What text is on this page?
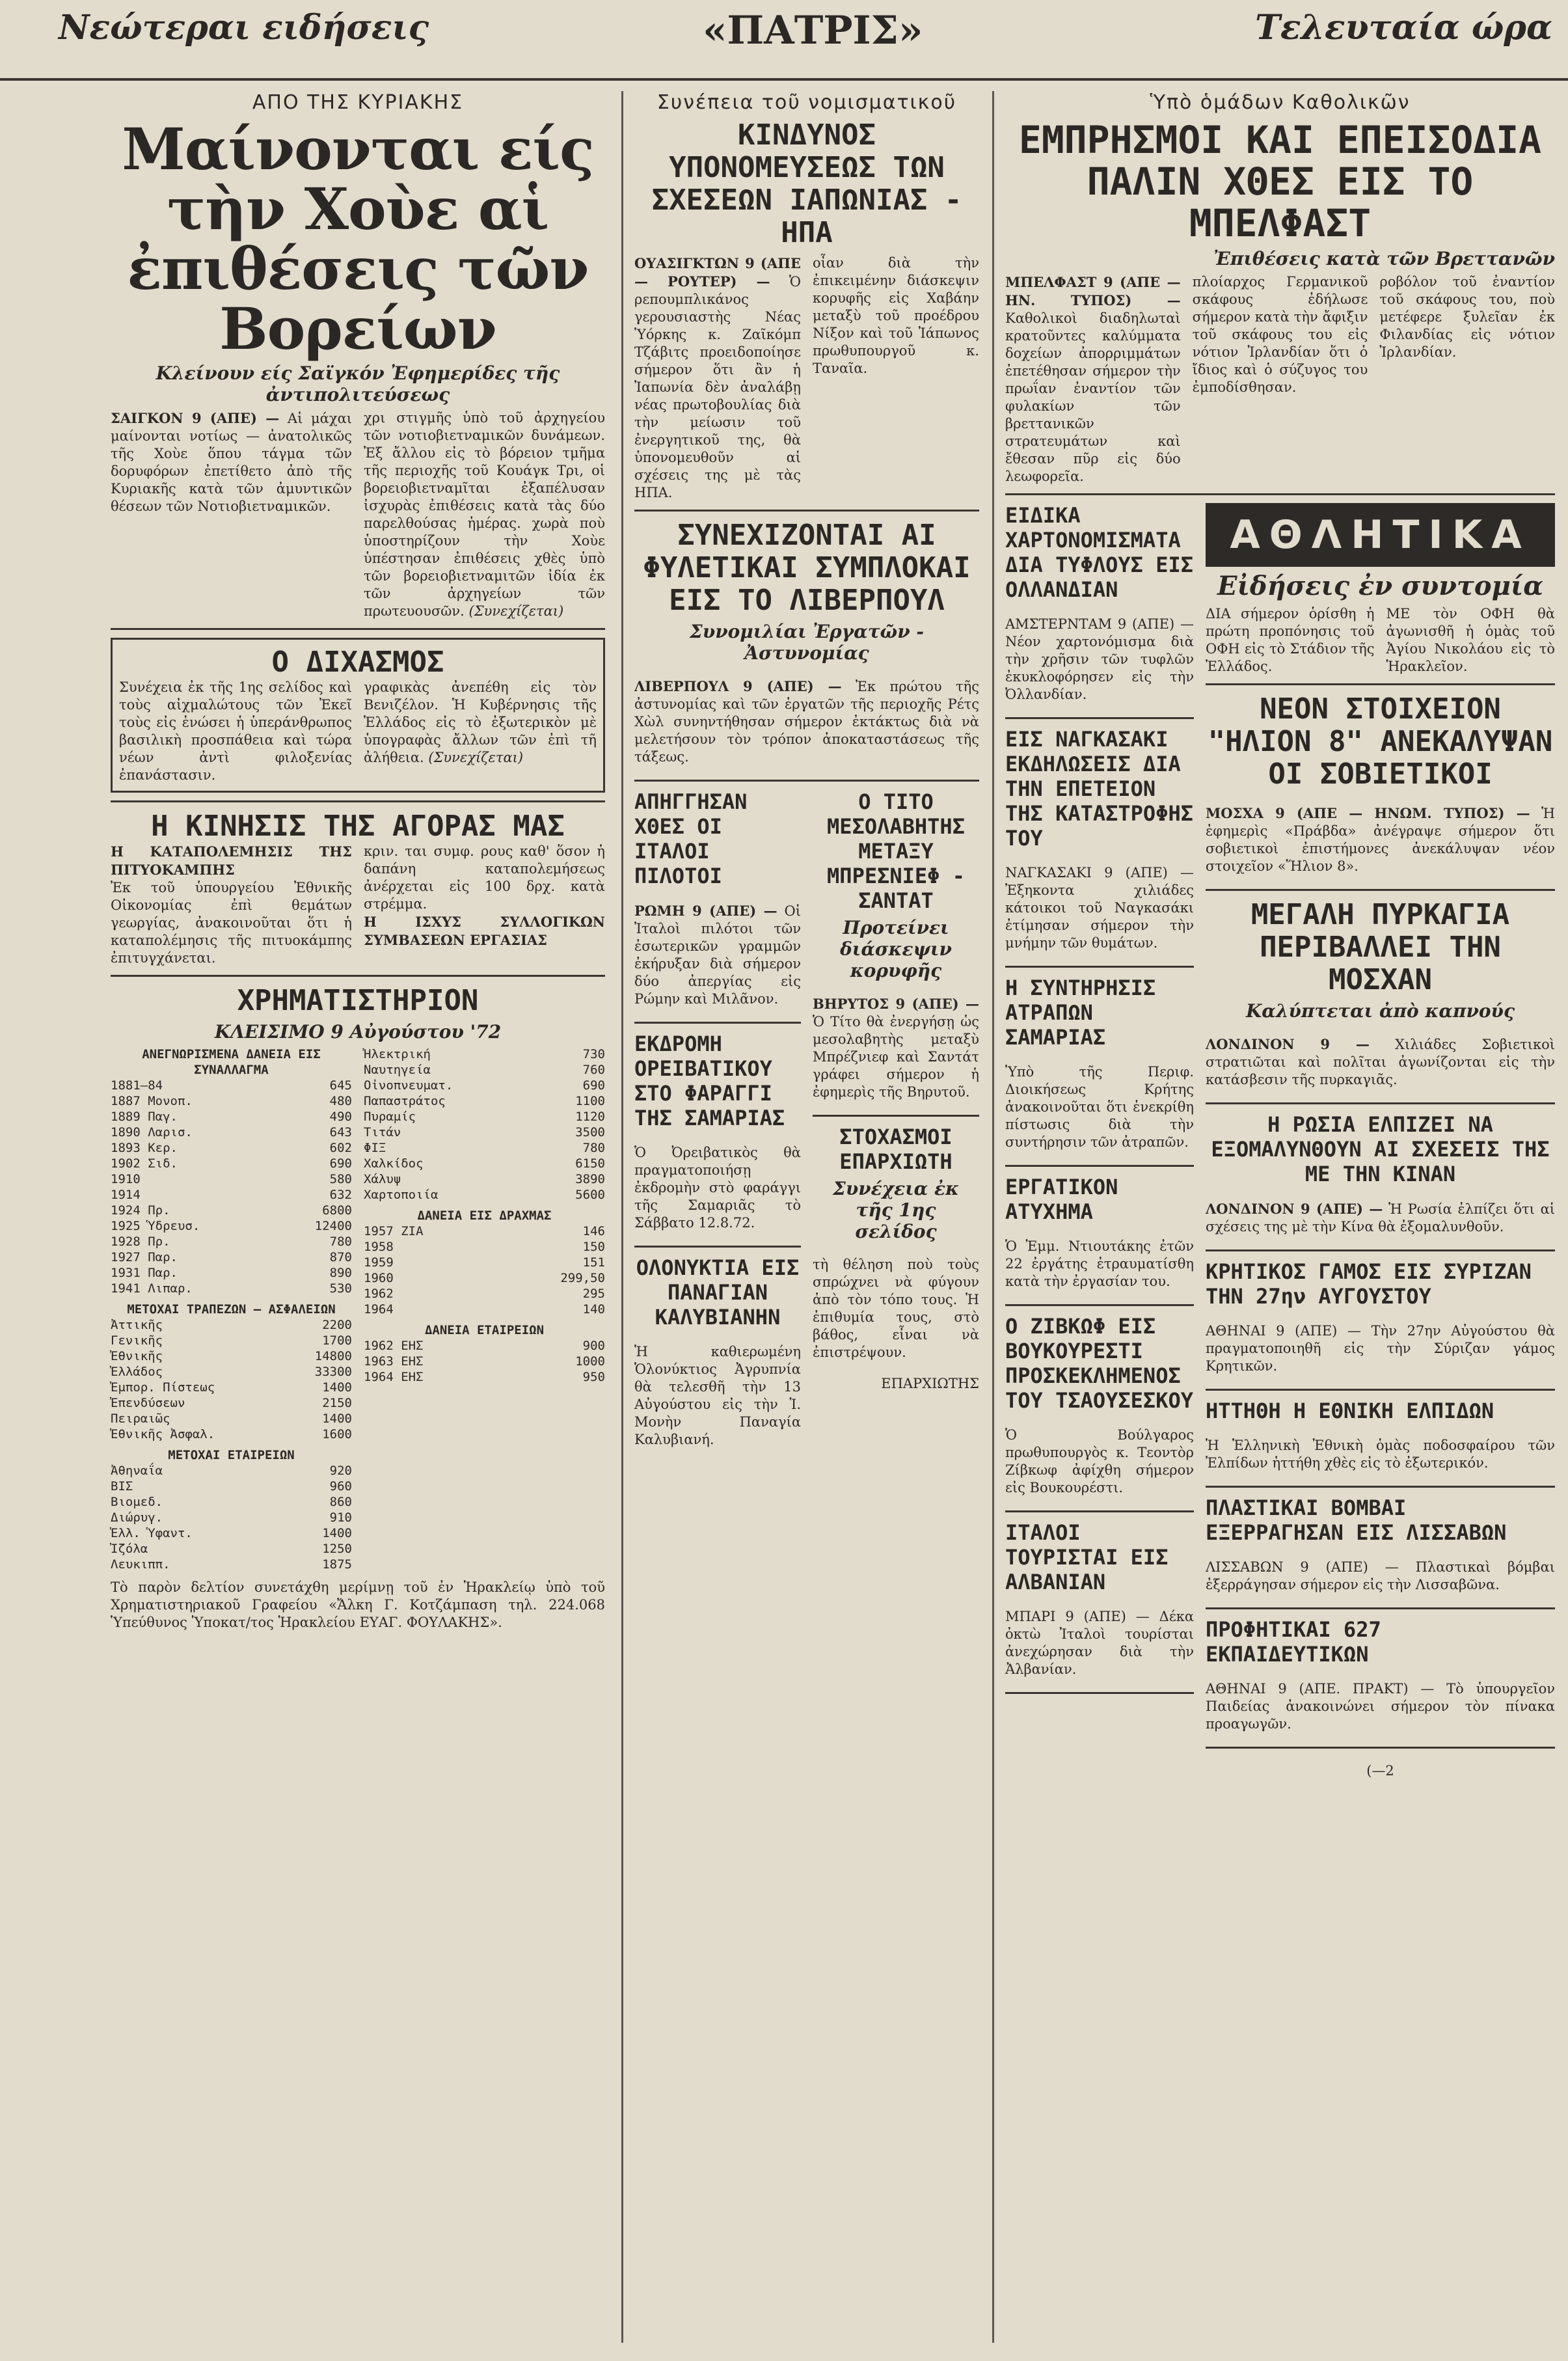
Νεώτεραι ειδήσεις	«ΠΑΤΡΙΣ»	Τελευταία ώρα

ΑΠΟ ΤΗΣ ΚΥΡΙΑΚΗΣ

Μαίνονται είς τὴν Χοὺε αἱ ἐπιθέσεις τῶν Βορείων

Κλείνουν είς Σαϊγκόν Ἐφημερίδες τῆς ἀντιπολιτεύσεως

ΣΑΙΓΚΟΝ 9 (ΑΠΕ) — Αἱ μάχαι μαίνονται νοτίως — ἀνατολικῶς τῆς Χοὺε ὅπου τάγμα τῶν δορυφόρων ἐπετίθετο ἀπὸ τῆς Κυριακῆς κατὰ τῶν ἀμυντικῶν θέσεων τῶν Νοτιοβιετναμικῶν.
χρι στιγμῆς ὑπὸ τοῦ ἀρχηγείου τῶν νοτιοβιετναμικῶν δυνάμεων. Ἐξ ἄλλου εἰς τὸ βόρειον τμῆμα τῆς περιοχῆς τοῦ Κουάγκ Τρι, οἱ βορειοβιετναμῖται ἐξαπέλυσαν ἰσχυρὰς ἐπιθέσεις κατὰ τὰς δύο παρελθούσας ἡμέρας. χωρὰ ποὺ ὑποστηρίζουν τὴν Χοὺε ὑπέστησαν ἐπιθέσεις χθὲς ὑπὸ τῶν βορειοβιετναμιτῶν ἰδία ἐκ τῶν ἀρχηγείων τῶν πρωτευουσῶν. (Συνεχίζεται)
Ο ΔΙΧΑΣΜΟΣ
Συνέχεια ἐκ τῆς 1ης σελίδος καὶ τοὺς αἰχμαλώτους τῶν Ἐκεῖ τοὺς εἰς ἑνώσει ἡ ὑπεράνθρωπος βασιλικὴ προσπάθεια καὶ τώρα νέων ἀντὶ φιλοξενίας ἐπανάστασιν.
γραφικὰς ἀνεπέθη εἰς τὸν Βενιζέλον. Ἡ Κυβέρνησις τῆς Ἑλλάδος εἰς τὸ ἐξωτερικὸν μὲ ὑπογραφὰς ἄλλων τῶν ἐπὶ τῆ ἀλήθεια. (Συνεχίζεται)
Η ΚΙΝΗΣΙΣ ΤΗΣ ΑΓΟΡΑΣ ΜΑΣ
Η ΚΑΤΑΠΟΛΕΜΗΣΙΣ ΤΗΣ ΠΙΤΥΟΚΑΜΠΗΣ
Ἐκ τοῦ ὑπουργείου Ἐθνικῆς Οἰκονομίας ἐπὶ θεμάτων γεωργίας, ἀνακοινοῦται ὅτι ἡ καταπολέμησις τῆς πιτυοκάμπης ἐπιτυγχάνεται.
κριν. ται συμφ. ρους καθ' ὅσον ἡ δαπάνη καταπολεμήσεως ἀνέρχεται εἰς 100 δρχ. κατὰ στρέμμα.
Η ΙΣΧΥΣ ΣΥΛΛΟΓΙΚΩΝ ΣΥΜΒΑΣΕΩΝ ΕΡΓΑΣΙΑΣ
ΧΡΗΜΑΤΙΣΤΗΡΙΟΝ

ΚΛΕΙΣΙΜΟ 9 Αὐγούστου '72

ΑΝΕΓΝΩΡΙΣΜΕΝΑ ΔΑΝΕΙΑ ΕΙΣ ΣΥΝΑΛΛΑΓΜΑ
1881—84	645
1887 Μονοπ.	480
1889 Παγ.	490
1890 Λαρισ.	643
1893 Κερ.	602
1902 Σιδ.	690
1910	580
1914	632
1924 Πρ.	6800
1925 Ὑδρευσ.	12400
1928 Πρ.	780
1927 Παρ.	870
1931 Παρ.	890
1941 Λιπαρ.	530
ΜΕΤΟΧΑΙ ΤΡΑΠΕΖΩΝ — ΑΣΦΑΛΕΙΩΝ
Ἀττικῆς	2200
Γενικῆς	1700
Ἐθνικῆς	14800
Ἑλλάδος	33300
Ἐμπορ. Πίστεως	1400
Ἐπενδύσεων	2150
Πειραιῶς	1400
Ἐθνικῆς Ἀσφαλ.	1600
ΜΕΤΟΧΑΙ ΕΤΑΙΡΕΙΩΝ
Ἀθηναΐα	920
ΒΙΣ	960
Βιομεδ.	860
Διώρυγ.	910
Ἑλλ. Ὑφαντ.	1400
Ἰζόλα	1250
Λευκιππ.	1875
Ἠλεκτρική	730
Ναυτηγεία	760
Οἰνοπνευματ.	690
Παπαστράτος	1100
Πυραμίς	1120
Τιτάν	3500
ΦΙΞ	780
Χαλκίδος	6150
Χάλυψ	3890
Χαρτοποιία	5600
ΔΑΝΕΙΑ ΕΙΣ ΔΡΑΧΜΑΣ
1957 ΖΙΑ	146
1958	150
1959	151
1960	299,50
1962	295
1964	140
ΔΑΝΕΙΑ ΕΤΑΙΡΕΙΩΝ
1962 ΕΗΣ	900
1963 ΕΗΣ	1000
1964 ΕΗΣ	950

Τὸ παρὸν δελτίον συνετάχθη μερίμνῃ τοῦ ἐν Ἡρακλείῳ ὑπὸ τοῦ Χρηματιστηριακοῦ Γραφείου «Ἄλκη Γ. Κοτζάμπαση τηλ. 224.068 Ὑπεύθυνος Ὑποκατ/τος Ἡρακλείου ΕΥΑΓ. ΦΟΥΛΑΚΗΣ».

Συνέπεια τοῦ νομισματικοῦ

ΚΙΝΔΥΝΟΣ ΥΠΟΝΟΜΕΥΣΕΩΣ ΤΩΝ ΣΧΕΣΕΩΝ ΙΑΠΩΝΙΑΣ - ΗΠΑ
ΟΥΑΣΙΓΚΤΩΝ 9 (ΑΠΕ — ΡΟΥΤΕΡ) — Ὁ ρεπουμπλικάνος γερουσιαστὴς Νέας Ὑόρκης κ. Ζαῖκόμπ Τζάβιτς προειδοποίησε σήμερον ὅτι ἂν ἡ Ἰαπωνία δὲν ἀναλάβῃ νέας πρωτοβουλίας διὰ τὴν μείωσιν τοῦ ἐνεργητικοῦ της, θὰ ὑπονομευθοῦν αἱ σχέσεις της μὲ τὰς ΗΠΑ.
οἶαν διὰ τὴν ἐπικειμένην διάσκεψιν κορυφῆς εἰς Χαβάην μεταξὺ τοῦ προέδρου Νίξον καὶ τοῦ Ἰάπωνος πρωθυπουργοῦ κ. Ταναῖα.
ΣΥΝΕΧΙΖΟΝΤΑΙ ΑΙ ΦΥΛΕΤΙΚΑΙ ΣΥΜΠΛΟΚΑΙ ΕΙΣ ΤΟ ΛΙΒΕΡΠΟΥΛ

Συνομιλίαι Ἐργατῶν - Ἀστυνομίας

ΛΙΒΕΡΠΟΥΛ 9 (ΑΠΕ) — Ἐκ πρώτου τῆς ἀστυνομίας καὶ τῶν ἐργατῶν τῆς περιοχῆς Ρέτς Χὼλ συνηντήθησαν σήμερον ἐκτάκτως διὰ νὰ μελετήσουν τὸν τρόπον ἀποκαταστάσεως τῆς τάξεως.

ΑΠΗΓΓΗΣΑΝ ΧΘΕΣ ΟΙ ΙΤΑΛΟΙ ΠΙΛΟΤΟΙ

ΡΩΜΗ 9 (ΑΠΕ) — Οἱ Ἰταλοὶ πιλότοι τῶν ἐσωτερικῶν γραμμῶν ἐκήρυξαν διὰ σήμερον δύο ἀπεργίας εἰς Ρώμην καὶ Μιλᾶνον.

ΕΚΔΡΟΜΗ ΟΡΕΙΒΑΤΙΚΟΥ ΣΤΟ ΦΑΡΑΓΓΙ ΤΗΣ ΣΑΜΑΡΙΑΣ

Ὁ Ὀρειβατικὸς θὰ πραγματοποιήσῃ ἐκδρομὴν στὸ φαράγγι τῆς Σαμαριᾶς τὸ Σάββατο 12.8.72.

ΟΛΟΝΥΚΤΙΑ ΕΙΣ ΠΑΝΑΓΙΑΝ ΚΑΛΥΒΙΑΝΗΝ

Ἡ καθιερωμένη Ὁλονύκτιος Ἀγρυπνία θὰ τελεσθῆ τὴν 13 Αὐγούστου εἰς τὴν Ἱ. Μονὴν Παναγία Καλυβιανή.

Ο ΤΙΤΟ ΜΕΣΟΛΑΒΗΤΗΣ ΜΕΤΑΞΥ ΜΠΡΕΣΝΙΕΦ - ΣΑΝΤΑΤ

Προτείνει διάσκεψιν κορυφῆς

ΒΗΡΥΤΟΣ 9 (ΑΠΕ) — Ὁ Τίτο θὰ ἐνεργήσῃ ὡς μεσολαβητὴς μεταξὺ Μπρέζνιεφ καὶ Σαντάτ γράφει σήμερον ἡ ἐφημερὶς τῆς Βηρυτοῦ.

ΣΤΟΧΑΣΜΟΙ ΕΠΑΡΧΙΩΤΗ

Συνέχεια ἐκ τῆς 1ης σελίδος

τὴ θέληση ποὺ τοὺς σπρώχνει νὰ φύγουν ἀπὸ τὸν τόπο τους. Ἡ ἐπιθυμία τους, στὸ βάθος, εἶναι νὰ ἐπιστρέψουν.

ΕΠΑΡΧΙΩΤΗΣ

Ὑπὸ ὁμάδων Καθολικῶν

ΕΜΠΡΗΣΜΟΙ ΚΑΙ ΕΠΕΙΣΟΔΙΑ ΠΑΛΙΝ ΧΘΕΣ ΕΙΣ ΤΟ ΜΠΕΛΦΑΣΤ

Ἐπιθέσεις κατὰ τῶν Βρεττανῶν

ΜΠΕΛΦΑΣΤ 9 (ΑΠΕ — ΗΝ. ΤΥΠΟΣ) — Καθολικοὶ διαδηλωταὶ κρατοῦντες καλύμματα δοχείων ἀπορριμμάτων ἐπετέθησαν σήμερον τὴν πρωΐαν ἐναντίον τῶν φυλακίων τῶν βρεττανικῶν στρατευμάτων καὶ ἔθεσαν πῦρ εἰς δύο λεωφορεῖα.
πλοίαρχος Γερμανικοῦ σκάφους ἐδήλωσε σήμερον κατὰ τὴν ἄφιξιν τοῦ σκάφους του εἰς νότιον Ἰρλανδίαν ὅτι ὁ ἴδιος καὶ ὁ σύζυγος του ἐμποδίσθησαν.
ροβόλον τοῦ ἐναντίον τοῦ σκάφους του, ποὺ μετέφερε ξυλεῖαν ἐκ Φιλανδίας εἰς νότιον Ἰρλανδίαν.
ΕΙΔΙΚΑ ΧΑΡΤΟΝΟΜΙΣΜΑΤΑ ΔΙΑ ΤΥΦΛΟΥΣ ΕΙΣ ΟΛΛΑΝΔΙΑΝ

ΑΜΣΤΕΡΝΤΑΜ 9 (ΑΠΕ) — Νέον χαρτονόμισμα διὰ τὴν χρῆσιν τῶν τυφλῶν ἐκυκλοφόρησεν εἰς τὴν Ὀλλανδίαν.

ΕΙΣ ΝΑΓΚΑΣΑΚΙ ΕΚΔΗΛΩΣΕΙΣ ΔΙΑ ΤΗΝ ΕΠΕΤΕΙΟΝ ΤΗΣ ΚΑΤΑΣΤΡΟΦΗΣ ΤΟΥ

ΝΑΓΚΑΣΑΚΙ 9 (ΑΠΕ) — Ἐξηκοντα χιλιάδες κάτοικοι τοῦ Ναγκασάκι ἐτίμησαν σήμερον τὴν μνήμην τῶν θυμάτων.

Η ΣΥΝΤΗΡΗΣΙΣ ΑΤΡΑΠΩΝ ΣΑΜΑΡΙΑΣ

Ὑπὸ τῆς Περιφ. Διοικήσεως Κρήτης ἀνακοινοῦται ὅτι ἐνεκρίθη πίστωσις διὰ τὴν συντήρησιν τῶν ἀτραπῶν.

ΕΡΓΑΤΙΚΟΝ ΑΤΥΧΗΜΑ

Ὁ Ἐμμ. Ντιουτάκης ἐτῶν 22 ἐργάτης ἐτραυματίσθη κατὰ τὴν ἐργασίαν του.

Ο ΖΙΒΚΩΦ ΕΙΣ ΒΟΥΚΟΥΡΕΣΤΙ ΠΡΟΣΚΕΚΛΗΜΕΝΟΣ ΤΟΥ ΤΣΑΟΥΣΕΣΚΟΥ

Ὁ Βούλγαρος πρωθυπουργὸς κ. Τεοντὸρ Ζίβκωφ ἀφίχθη σήμερον εἰς Βουκουρέστι.

ΙΤΑΛΟΙ ΤΟΥΡΙΣΤΑΙ ΕΙΣ ΑΛΒΑΝΙΑΝ

ΜΠΑΡΙ 9 (ΑΠΕ) — Δέκα ὀκτὼ Ἰταλοὶ τουρίσται ἀνεχώρησαν διὰ τὴν Ἀλβανίαν.

ΑΘΛΗΤΙΚΑ

Εἰδήσεις ἐν συντομία

ΔΙΑ σήμερον ὁρίσθη ἡ πρώτη προπόνησις τοῦ ΟΦΗ εἰς τὸ Στάδιον τῆς Ἐλλάδος.
ΜΕ τὸν ΟΦΗ θὰ ἀγωνισθῆ ἡ ὁμὰς τοῦ Ἀγίου Νικολάου εἰς τὸ Ἡρακλεῖον.
ΝΕΟΝ ΣΤΟΙΧΕΙΟΝ "ΗΛΙΟΝ 8" ΑΝΕΚΑΛΥΨΑΝ ΟΙ ΣΟΒΙΕΤΙΚΟΙ

ΜΟΣΧΑ 9 (ΑΠΕ — ΗΝΩΜ. ΤΥΠΟΣ) — Ἡ ἐφημερὶς «Πράβδα» ἀνέγραψε σήμερον ὅτι σοβιετικοὶ ἐπιστήμονες ἀνεκάλυψαν νέον στοιχεῖον «Ἥλιον 8».

ΜΕΓΑΛΗ ΠΥΡΚΑΓΙΑ ΠΕΡΙΒΑΛΛΕΙ ΤΗΝ ΜΟΣΧΑΝ

Καλύπτεται ἀπὸ καπνούς

ΛΟΝΔΙΝΟΝ 9 — Χιλιάδες Σοβιετικοὶ στρατιῶται καὶ πολῖται ἀγωνίζονται εἰς τὴν κατάσβεσιν τῆς πυρκαγιᾶς.

Η ΡΩΣΙΑ ΕΛΠΙΖΕΙ ΝΑ ΕΞΟΜΑΛΥΝΘΟΥΝ ΑΙ ΣΧΕΣΕΙΣ ΤΗΣ ΜΕ ΤΗΝ ΚΙΝΑΝ

ΛΟΝΔΙΝΟΝ 9 (ΑΠΕ) — Ἡ Ρωσία ἐλπίζει ὅτι αἱ σχέσεις της μὲ τὴν Κίνα θὰ ἐξομαλυνθοῦν.

ΚΡΗΤΙΚΟΣ ΓΑΜΟΣ ΕΙΣ ΣΥΡΙΖΑΝ ΤΗΝ 27ην ΑΥΓΟΥΣΤΟΥ

ΑΘΗΝΑΙ 9 (ΑΠΕ) — Τὴν 27ην Αὐγούστου θὰ πραγματοποιηθῆ εἰς τὴν Σύριζαν γάμος Κρητικῶν.

ΗΤΤΗΘΗ Η ΕΘΝΙΚΗ ΕΛΠΙΔΩΝ

Ἡ Ἑλληνικὴ Ἐθνικὴ ὁμὰς ποδοσφαίρου τῶν Ἐλπίδων ἡττήθη χθὲς εἰς τὸ ἐξωτερικόν.

ΠΛΑΣΤΙΚΑΙ ΒΟΜΒΑΙ ΕΞΕΡΡΑΓΗΣΑΝ ΕΙΣ ΛΙΣΣΑΒΩΝ

ΛΙΣΣΑΒΩΝ 9 (ΑΠΕ) — Πλαστικαὶ βόμβαι ἐξερράγησαν σήμερον εἰς τὴν Λισσαβῶνα.

ΠΡΟΦΗΤΙΚΑΙ 627 ΕΚΠΑΙΔΕΥΤΙΚΩΝ

ΑΘΗΝΑΙ 9 (ΑΠΕ. ΠΡΑΚΤ) — Τὸ ὑπουργεῖον Παιδείας ἀνακοινώνει σήμερον τὸν πίνακα προαγωγῶν.

(—2
